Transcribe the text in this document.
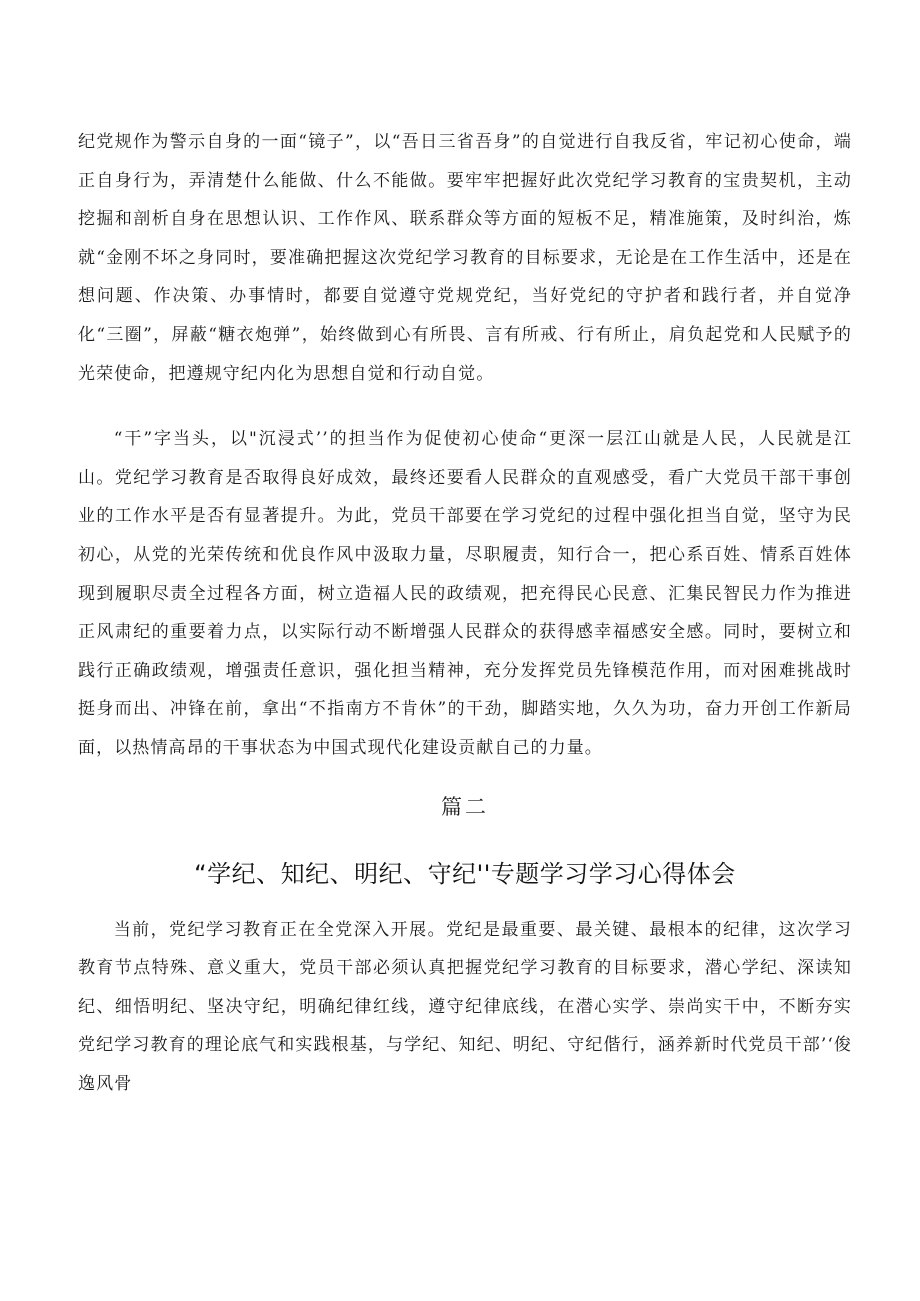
纪党规作为警示自身的一面“镜子”，以“吾日三省吾身”的自觉进行自我反省，牢记初心使命，端正自身行为，弄清楚什么能做、什么不能做。要牢牢把握好此次党纪学习教育的宝贵契机，主动挖掘和剖析自身在思想认识、工作作风、联系群众等方面的短板不足，精准施策，及时纠治，炼就“金刚不坏之身同时，要准确把握这次党纪学习教育的目标要求，无论是在工作生活中，还是在想问题、作决策、办事情时，都要自觉遵守党规党纪，当好党纪的守护者和践行者，并自觉净化“三圈”，屏蔽“糖衣炮弹”，始终做到心有所畏、言有所戒、行有所止，肩负起党和人民赋予的光荣使命，把遵规守纪内化为思想自觉和行动自觉。

“干”字当头，以"沉浸式’’的担当作为促使初心使命“更深一层江山就是人民，人民就是江山。党纪学习教育是否取得良好成效，最终还要看人民群众的直观感受，看广大党员干部干事创业的工作水平是否有显著提升。为此，党员干部要在学习党纪的过程中强化担当自觉，坚守为民初心，从党的光荣传统和优良作风中汲取力量，尽职履责，知行合一，把心系百姓、情系百姓体现到履职尽责全过程各方面，树立造福人民的政绩观，把充得民心民意、汇集民智民力作为推进正风肃纪的重要着力点，以实际行动不断增强人民群众的获得感幸福感安全感。同时，要树立和践行正确政绩观，增强责任意识，强化担当精神，充分发挥党员先锋模范作用，而对困难挑战时挺身而出、冲锋在前，拿出“不指南方不肯休”的干劲，脚踏实地，久久为功，奋力开创工作新局面，以热情高昂的干事状态为中国式现代化建设贡献自己的力量。

篇二
“学纪、知纪、明纪、守纪''专题学习学习心得体会

当前，党纪学习教育正在全党深入开展。党纪是最重要、最关键、最根本的纪律，这次学习教育节点特殊、意义重大，党员干部必须认真把握党纪学习教育的目标要求，潜心学纪、深读知纪、细悟明纪、坚决守纪，明确纪律红线，遵守纪律底线，在潜心实学、崇尚实干中，不断夯实党纪学习教育的理论底气和实践根基，与学纪、知纪、明纪、守纪偕行，涵养新时代党员干部’‘俊逸风骨
